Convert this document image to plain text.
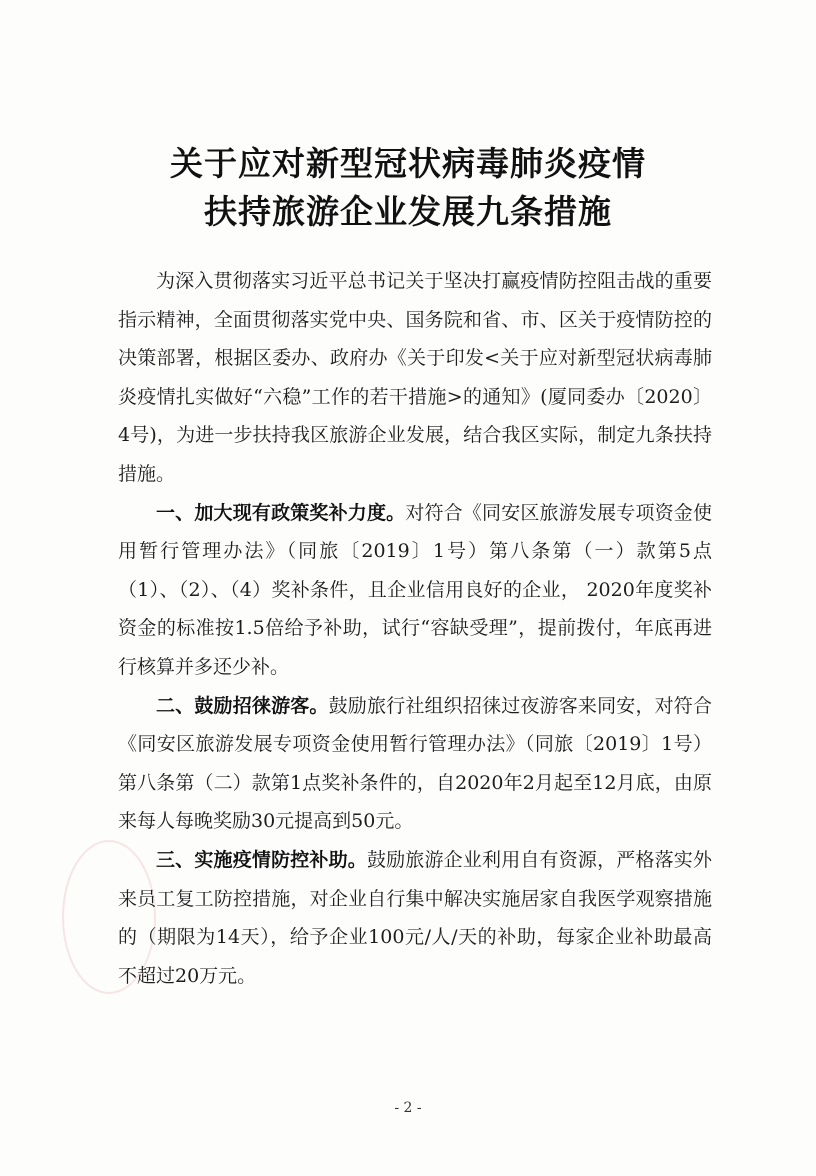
关于应对新型冠状病毒肺炎疫情
扶持旅游企业发展九条措施

为深入贯彻落实习近平总书记关于坚决打赢疫情防控阻击战的重要指示精神，全面贯彻落实党中央、国务院和省、市、区关于疫情防控的决策部署，根据区委办、政府办《关于印发<关于应对新型冠状病毒肺炎疫情扎实做好“六稳”工作的若干措施>的通知》(厦同委办〔2020〕4号)，为进一步扶持我区旅游企业发展，结合我区实际，制定九条扶持措施。

一、加大现有政策奖补力度。对符合《同安区旅游发展专项资金使用暂行管理办法》（同旅〔2019〕1号）第八条第（一）款第5点（1）、（2）、（4）奖补条件，且企业信用良好的企业， 2020年度奖补资金的标准按1.5倍给予补助，试行“容缺受理”，提前拨付，年底再进行核算并多还少补。

二、鼓励招徕游客。鼓励旅行社组织招徕过夜游客来同安，对符合《同安区旅游发展专项资金使用暂行管理办法》（同旅〔2019〕1号）第八条第（二）款第1点奖补条件的，自2020年2月起至12月底，由原来每人每晚奖励30元提高到50元。

三、实施疫情防控补助。鼓励旅游企业利用自有资源，严格落实外来员工复工防控措施，对企业自行集中解决实施居家自我医学观察措施的（期限为14天），给予企业100元/人/天的补助，每家企业补助最高不超过20万元。

- 2 -
